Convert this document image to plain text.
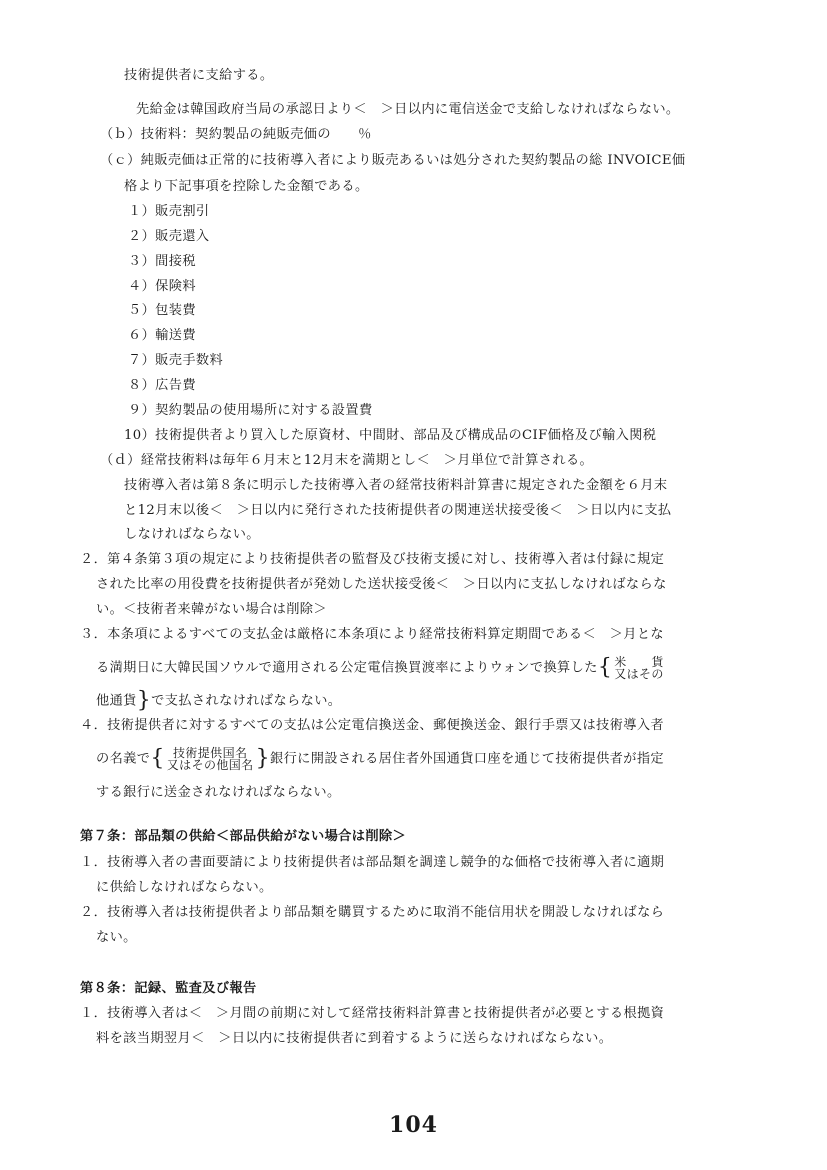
技術提供者に支給する。
先給金は韓国政府当局の承認日より＜　＞日以内に電信送金で支給しなければならない。
（ｂ）技術料：契約製品の純販売価の　　％
（ｃ）純販売価は正常的に技術導入者により販売あるいは処分された契約製品の総 INVOICE価
格より下記事項を控除した金額である。
１）販売割引
２）販売還入
３）間接税
４）保険料
５）包装費
６）輸送費
７）販売手数料
８）広告費
９）契約製品の使用場所に対する設置費
10）技術提供者より買入した原資材、中間財、部品及び構成品のCIF価格及び輸入関税
（ｄ）経常技術料は毎年６月末と12月末を満期とし＜　＞月単位で計算される。
技術導入者は第８条に明示した技術導入者の経常技術料計算書に規定された金額を６月末
と12月末以後＜　＞日以内に発行された技術提供者の関連送状接受後＜　＞日以内に支払
しなければならない。
２．第４条第３項の規定により技術提供者の監督及び技術支援に対し、技術導入者は付録に規定
された比率の用役費を技術提供者が発効した送状接受後＜　＞日以内に支払しなければならな
い。＜技術者来韓がない場合は削除＞
３．本条項によるすべての支払金は厳格に本条項により経常技術料算定期間である＜　＞月とな
る満期日に大韓民国ソウルで適用される公定電信換買渡率によりウォンで換算した{ 米　　貨
又はその
他通貨}で支払されなければならない。
４．技術提供者に対するすべての支払は公定電信換送金、郵便換送金、銀行手票又は技術導入者
の名義で{ 技術提供国名
又はその他国名 }銀行に開設される居住者外国通貨口座を通じて技術提供者が指定
する銀行に送金されなければならない。
第７条：部品類の供給＜部品供給がない場合は削除＞
１．技術導入者の書面要請により技術提供者は部品類を調達し競争的な価格で技術導入者に適期
に供給しなければならない。
２．技術導入者は技術提供者より部品類を購買するために取消不能信用状を開設しなければなら
ない。
第８条：記録、監査及び報告
１．技術導入者は＜　＞月間の前期に対して経常技術料計算書と技術提供者が必要とする根拠資
料を該当期翌月＜　＞日以内に技術提供者に到着するように送らなければならない。
104
